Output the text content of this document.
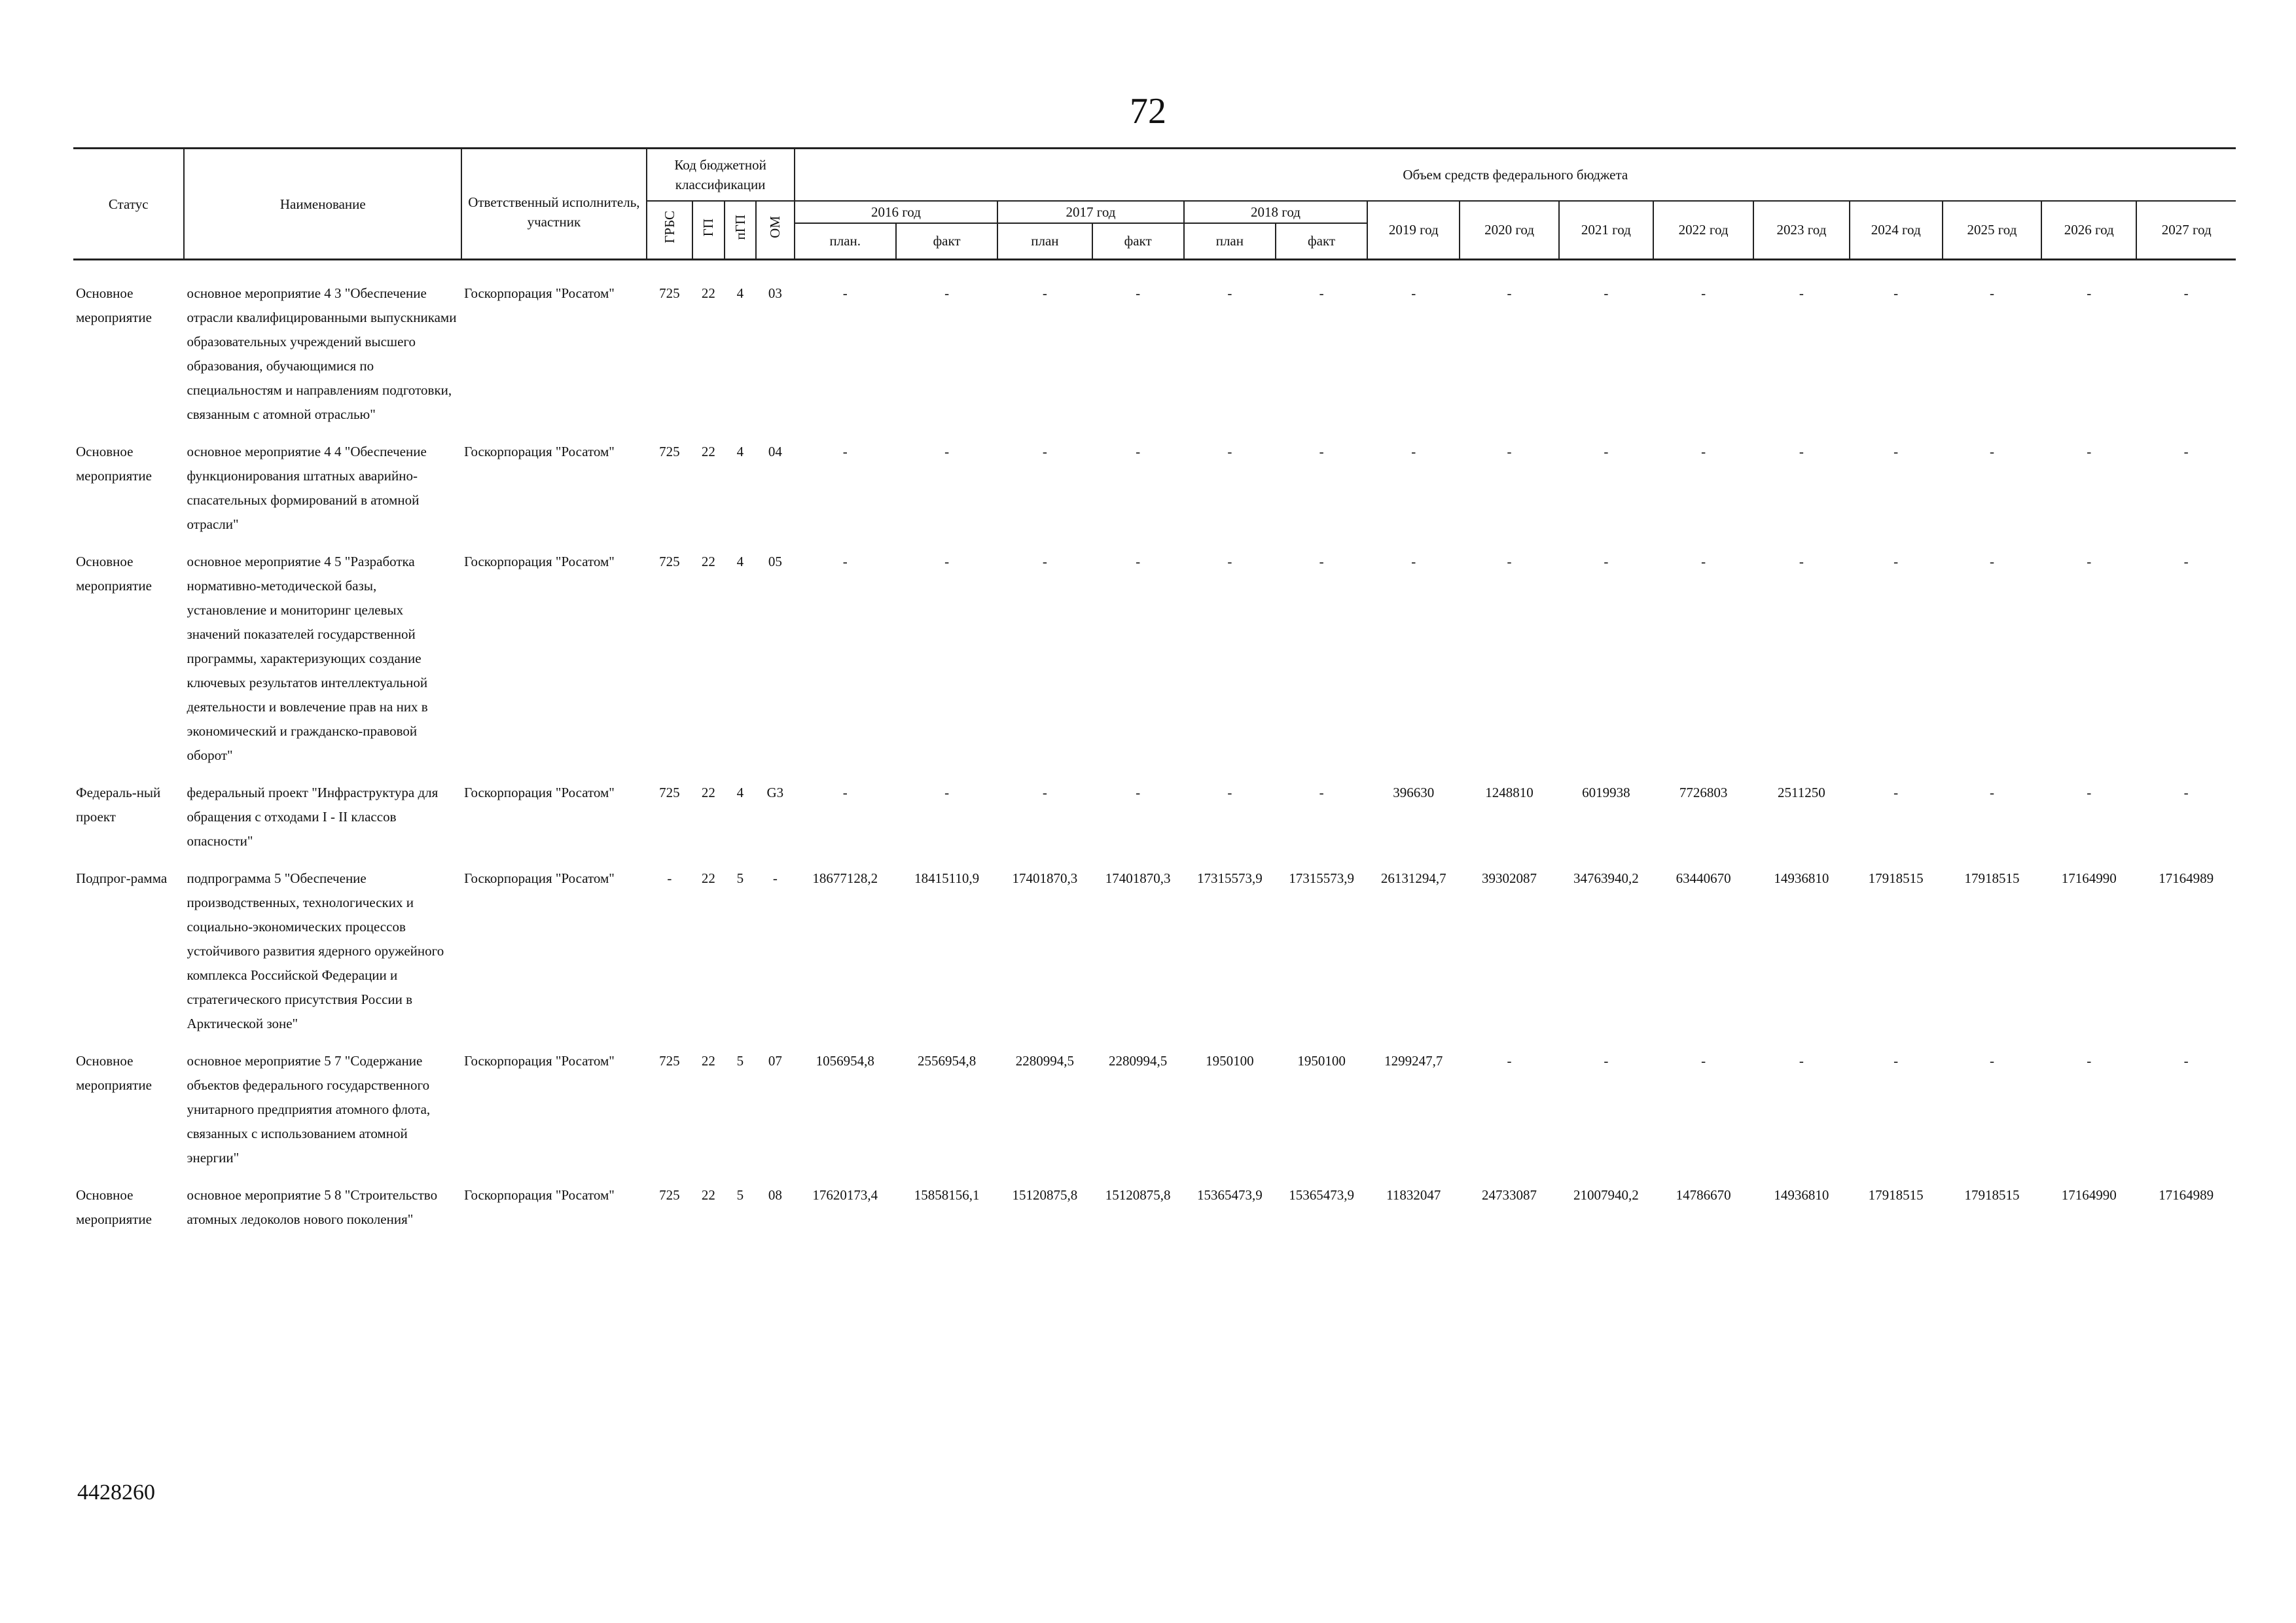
72
Статус	Наименование	Ответственный исполнитель, участник	Код бюджетной классификации				Объем средств федерального бюджета														
			ГРБС	ГП	пГП	ОМ	2016 год		2017 год		2018 год		2019 год	2020 год	2021 год	2022 год	2023 год	2024 год	2025 год	2026 год	2027 год
							план.	факт	план	факт	план	факт									
Основное мероприятие	основное мероприятие 4 3 "Обеспечение отрасли квалифицированными выпускниками образовательных учреждений высшего образования, обучающимися по специальностям и направлениям подготовки, связанным с атомной отраслью"	Госкорпорация "Росатом"	725	22	4	03	-	-	-	-	-	-	-	-	-	-	-	-	-	-	-
Основное мероприятие	основное мероприятие 4 4 "Обеспечение функционирования штатных аварийно-спасательных формирований в атомной отрасли"	Госкорпорация "Росатом"	725	22	4	04	-	-	-	-	-	-	-	-	-	-	-	-	-	-	-
Основное мероприятие	основное мероприятие 4 5 "Разработка нормативно-методической базы, установление и мониторинг целевых значений показателей государственной программы, характеризующих создание ключевых результатов интеллектуальной деятельности и вовлечение прав на них в экономический и гражданско-правовой оборот"	Госкорпорация "Росатом"	725	22	4	05	-	-	-	-	-	-	-	-	-	-	-	-	-	-	-
Федераль-ный проект	федеральный проект "Инфраструктура для обращения с отходами I - II классов опасности"	Госкорпорация "Росатом"	725	22	4	G3	-	-	-	-	-	-	396630	1248810	6019938	7726803	2511250	-	-	-	-
Подпрог-рамма	подпрограмма 5 "Обеспечение производственных, технологических и социально-экономических процессов устойчивого развития ядерного оружейного комплекса Российской Федерации и стратегического присутствия России в Арктической зоне"	Госкорпорация "Росатом"	-	22	5	-	18677128,2	18415110,9	17401870,3	17401870,3	17315573,9	17315573,9	26131294,7	39302087	34763940,2	63440670	14936810	17918515	17918515	17164990	17164989
Основное мероприятие	основное мероприятие 5 7 "Содержание объектов федерального государственного унитарного предприятия атомного флота, связанных с использованием атомной энергии"	Госкорпорация "Росатом"	725	22	5	07	1056954,8	2556954,8	2280994,5	2280994,5	1950100	1950100	1299247,7	-	-	-	-	-	-	-	-
Основное мероприятие	основное мероприятие 5 8 "Строительство атомных ледоколов нового поколения"	Госкорпорация "Росатом"	725	22	5	08	17620173,4	15858156,1	15120875,8	15120875,8	15365473,9	15365473,9	11832047	24733087	21007940,2	14786670	14936810	17918515	17918515	17164990	17164989
4428260
